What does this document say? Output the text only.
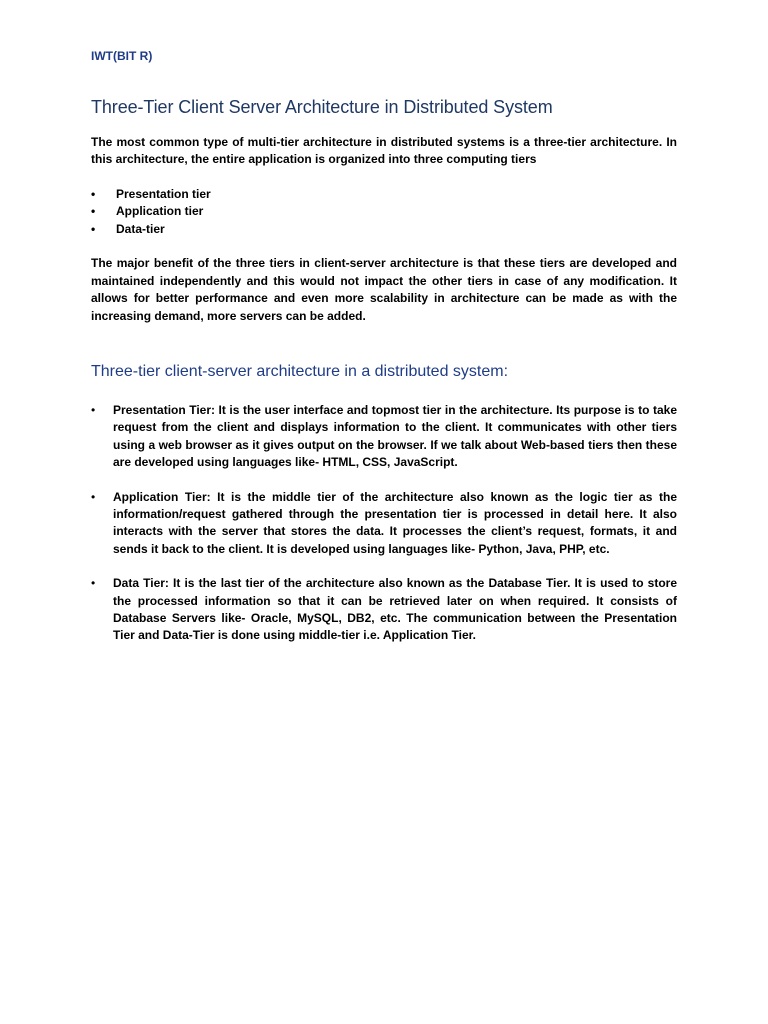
IWT(BIT R)

Three-Tier Client Server Architecture in Distributed System

The most common type of multi-tier architecture in distributed systems is a three-tier architecture. In this architecture, the entire application is organized into three computing tiers

• Presentation tier
• Application tier
• Data-tier

The major benefit of the three tiers in client-server architecture is that these tiers are developed and maintained independently and this would not impact the other tiers in case of any modification. It allows for better performance and even more scalability in architecture can be made as with the increasing demand, more servers can be added.

Three-tier client-server architecture in a distributed system:
• Presentation Tier: It is the user interface and topmost tier in the architecture. Its purpose is to take request from the client and displays information to the client. It communicates with other tiers using a web browser as it gives output on the browser. If we talk about Web-based tiers then these are developed using languages like- HTML, CSS, JavaScript.

• Application Tier: It is the middle tier of the architecture also known as the logic tier as the information/request gathered through the presentation tier is processed in detail here. It also interacts with the server that stores the data. It processes the client’s request, formats, it and sends it back to the client. It is developed using languages like- Python, Java, PHP, etc.

• Data Tier: It is the last tier of the architecture also known as the Database Tier. It is used to store the processed information so that it can be retrieved later on when required. It consists of Database Servers like- Oracle, MySQL, DB2, etc. The communication between the Presentation Tier and Data-Tier is done using middle-tier i.e. Application Tier.
